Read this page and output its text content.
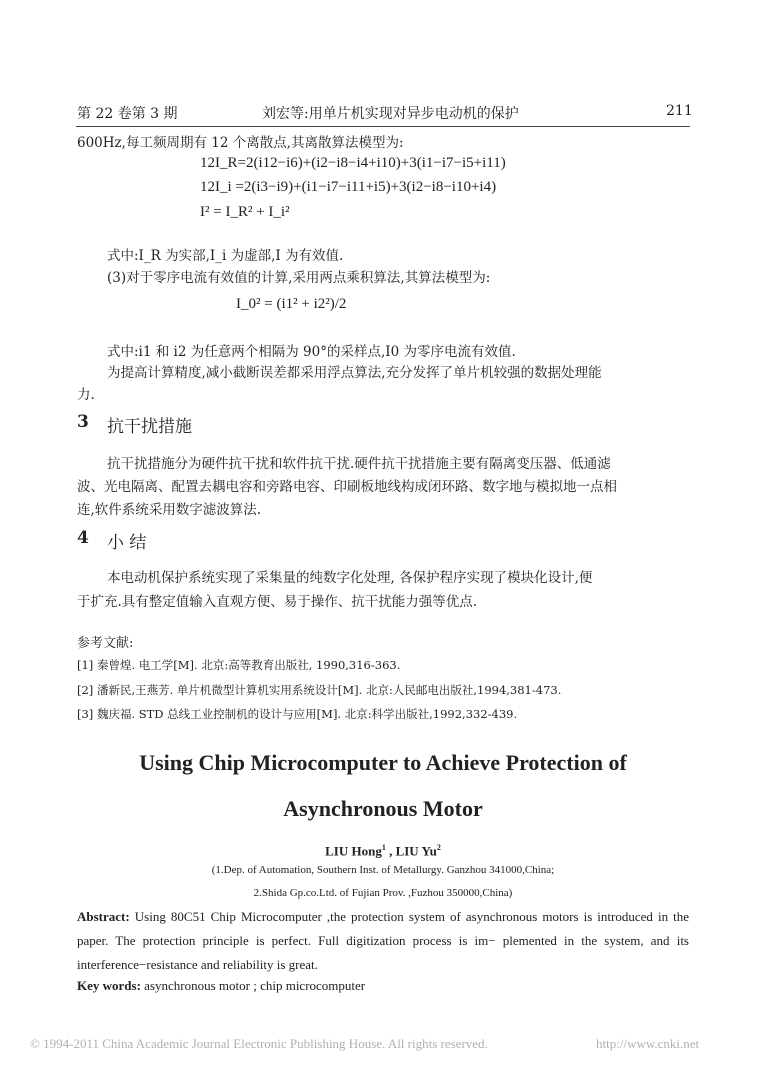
第 22 卷第 3 期	刘宏等:用单片机实现对异步电动机的保护	211
600Hz,每工频周期有 12 个离散点,其离散算法模型为:
12I_R=2(i12−i6)+(i2−i8−i4+i10)+3(i1−i7−i5+i11)
12I_i =2(i3−i9)+(i1−i7−i11+i5)+3(i2−i8−i10+i4)
I² = I_R² + I_i²
式中:I_R 为实部,I_i 为虚部,I 为有效值.
(3)对于零序电流有效值的计算,采用两点乘积算法,其算法模型为:
I_0² = (i1² + i2²)/2
式中:i1 和 i2 为任意两个相隔为 90°的采样点,I0 为零序电流有效值.
为提高计算精度,减小截断误差都采用浮点算法,充分发挥了单片机较强的数据处理能
力.
3 抗干扰措施
抗干扰措施分为硬件抗干扰和软件抗干扰.硬件抗干扰措施主要有隔离变压器、低通滤
波、光电隔离、配置去耦电容和旁路电容、印刷板地线构成闭环路、数字地与模拟地一点相
连,软件系统采用数字滤波算法.
4 小 结
本电动机保护系统实现了采集量的纯数字化处理, 各保护程序实现了模块化设计,便
于扩充.具有整定值输入直观方便、易于操作、抗干扰能力强等优点.
参考文献:
[1] 秦曾煌. 电工学[M]. 北京:高等教育出版社, 1990,316-363.
[2] 潘新民,王燕芳. 单片机微型计算机实用系统设计[M]. 北京:人民邮电出版社,1994,381-473.
[3] 魏庆福. STD 总线工业控制机的设计与应用[M]. 北京:科学出版社,1992,332-439.
Using Chip Microcomputer to Achieve Protection of
Asynchronous Motor
LIU Hong$^1$ , LIU Yu$^2$
(1.Dep. of Automation, Southern Inst. of Metallurgy. Ganzhou 341000,China;
2.Shida Gp.co.Ltd. of Fujian Prov. ,Fuzhou 350000,China)
Abstract: Using 80C51 Chip Microcomputer ,the protection system of asynchronous motors is introduced in the paper. The protection principle is perfect. Full digitization process is im− plemented in the system, and its interference−resistance and reliability is great.
Key words: asynchronous motor ; chip microcomputer
© 1994-2011 China Academic Journal Electronic Publishing House. All rights reserved.	http://www.cnki.net
